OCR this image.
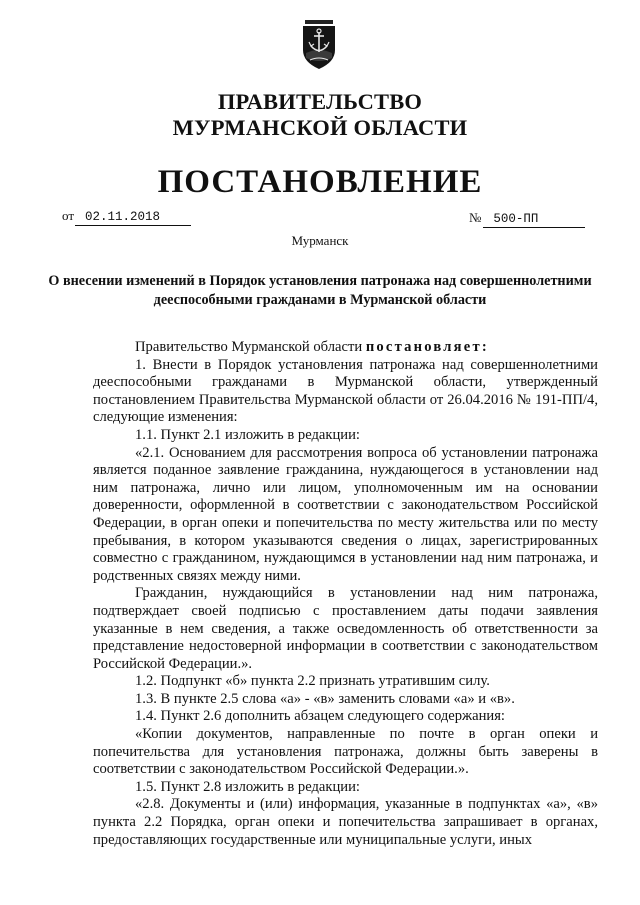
ПРАВИТЕЛЬСТВО
МУРМАНСКОЙ ОБЛАСТИ
ПОСТАНОВЛЕНИЕ
от 02.11.2018	№ 500-ПП
Мурманск
О внесении изменений в Порядок установления патронажа над совершеннолетними дееспособными гражданами в Мурманской области

Правительство Мурманской области постановляет:

1. Внести в Порядок установления патронажа над совершеннолетними дееспособными гражданами в Мурманской области, утвержденный постановлением Правительства Мурманской области от 26.04.2016 № 191-ПП/4, следующие изменения:

1.1. Пункт 2.1 изложить в редакции:

«2.1. Основанием для рассмотрения вопроса об установлении патронажа является поданное заявление гражданина, нуждающегося в установлении над ним патронажа, лично или лицом, уполномоченным им на основании доверенности, оформленной в соответствии с законодательством Российской Федерации, в орган опеки и попечительства по месту жительства или по месту пребывания, в котором указываются сведения о лицах, зарегистрированных совместно с гражданином, нуждающимся в установлении над ним патронажа, и родственных связях между ними.

Гражданин, нуждающийся в установлении над ним патронажа, подтверждает своей подписью с проставлением даты подачи заявления указанные в нем сведения, а также осведомленность об ответственности за представление недостоверной информации в соответствии с законодательством Российской Федерации.».

1.2. Подпункт «б» пункта 2.2 признать утратившим силу.

1.3. В пункте 2.5 слова «а» - «в» заменить словами «а» и «в».

1.4. Пункт 2.6 дополнить абзацем следующего содержания:

«Копии документов, направленные по почте в орган опеки и попечительства для установления патронажа, должны быть заверены в соответствии с законодательством Российской Федерации.».

1.5. Пункт 2.8 изложить в редакции:

«2.8. Документы и (или) информация, указанные в подпунктах «а», «в» пункта 2.2 Порядка, орган опеки и попечительства запрашивает в органах, предоставляющих государственные или муниципальные услуги, иных
